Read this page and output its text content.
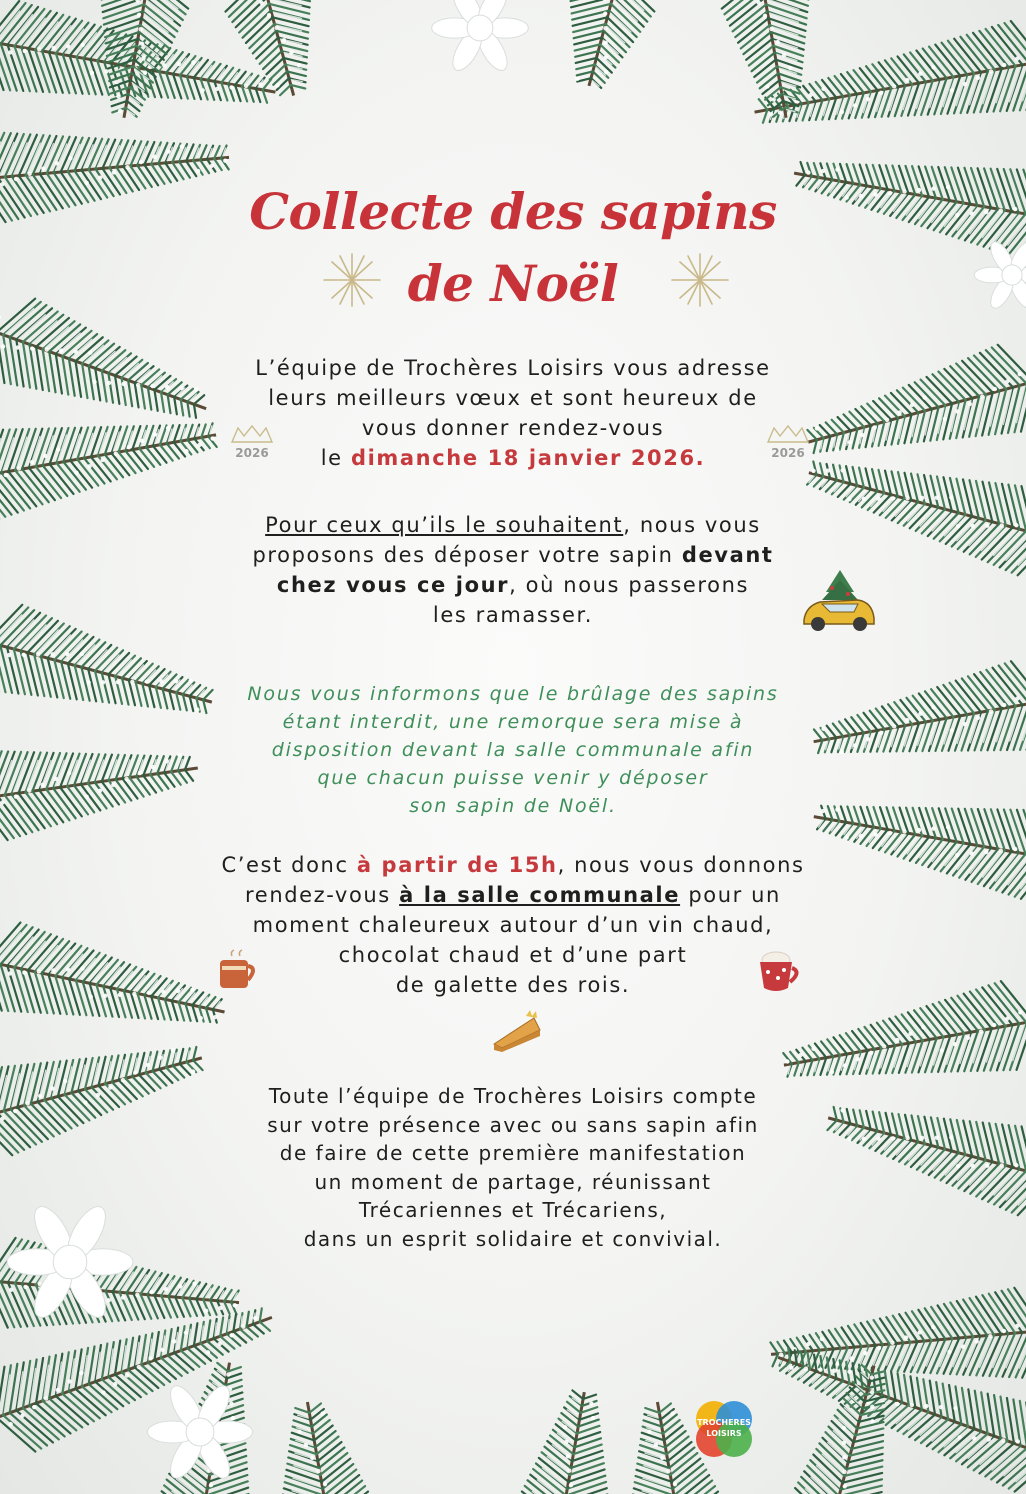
Collecte des sapins
de Noël
2026	2026
L’équipe de Trochères Loisirs vous adresse
leurs meilleurs vœux et sont heureux de
vous donner rendez-vous
le dimanche 18 janvier 2026.
Pour ceux qu’ils le souhaitent, nous vous
proposons des déposer votre sapin devant
chez vous ce jour, où nous passerons
les ramasser.
Nous vous informons que le brûlage des sapins
étant interdit, une remorque sera mise à
disposition devant la salle communale afin
que chacun puisse venir y déposer
son sapin de Noël.
C’est donc à partir de 15h, nous vous donnons
rendez-vous à la salle communale pour un
moment chaleureux autour d’un vin chaud,
chocolat chaud et d’une part
de galette des rois.
Toute l’équipe de Trochères Loisirs compte
sur votre présence avec ou sans sapin afin
de faire de cette première manifestation
un moment de partage, réunissant
Trécariennes et Trécariens,
dans un esprit solidaire et convivial.
TROCHERES
LOISIRS
